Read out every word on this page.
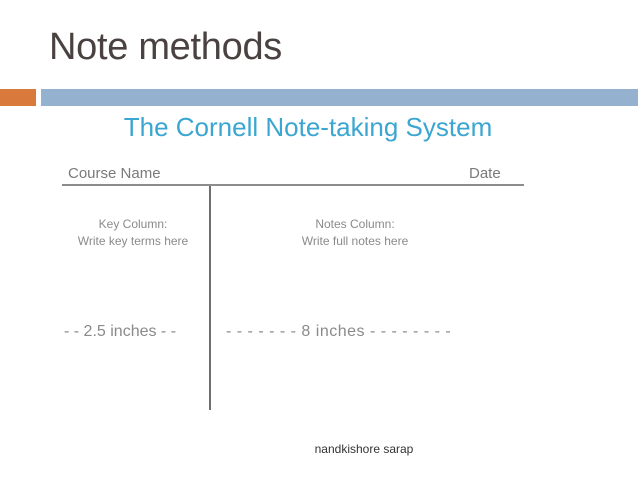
Note methods
The Cornell Note-taking System
Course Name	Date
Key Column:
Write key terms here
Notes Column:
Write full notes here
- - 2.5 inches - -	- - - - - - - 8 inches - - - - - - - -
nandkishore sarap
